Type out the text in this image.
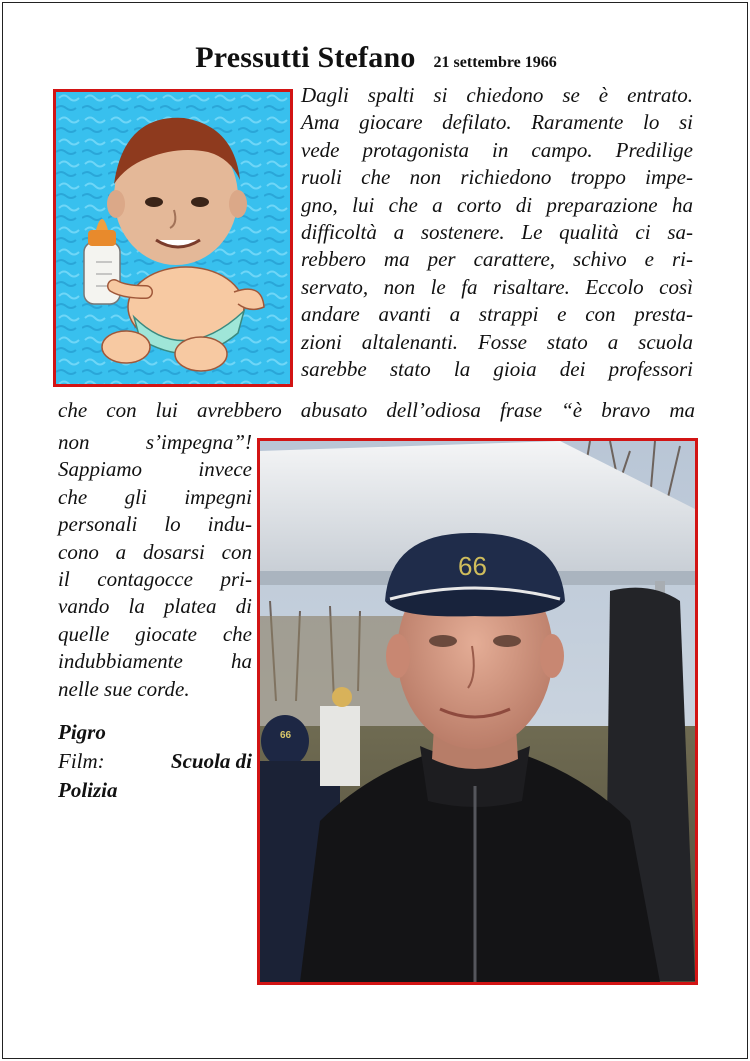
Pressutti Stefano 21 settembre 1966
Dagli spalti si chiedono se è entrato.
Ama giocare defilato. Raramente lo si
vede protagonista in campo. Predilige
ruoli che non richiedono troppo impe-
gno, lui che a corto di preparazione ha
difficoltà a sostenere. Le qualità ci sa-
rebbero ma per carattere, schivo e ri-
servato, non le fa risaltare. Eccolo così
andare avanti a strappi e con presta-
zioni altalenanti. Fosse stato a scuola
sarebbe stato la gioia dei professori
che con lui avrebbero abusato dell’odiosa frase “è bravo ma
non s’impegna”!
Sappiamo invece
che gli impegni
personali lo indu-
cono a dosarsi con
il contagocce pri-
vando la platea di
quelle giocate che
indubbiamente ha
nelle sue corde.
Pigro
Film:	Scuola di
Polizia
66
66
